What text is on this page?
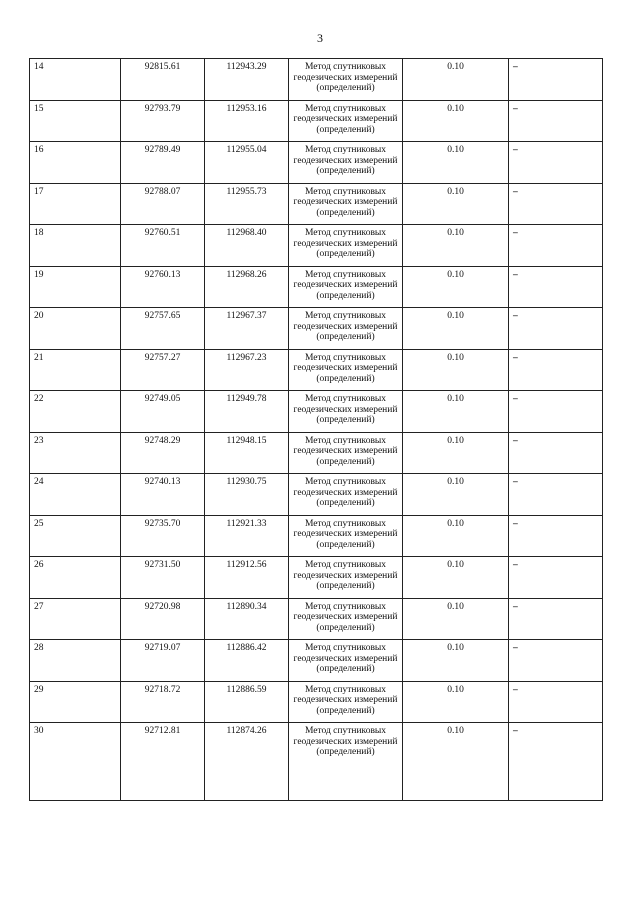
3
14	92815.61	112943.29	Метод спутниковых геодезических измерений (определений)	0.10	–
15	92793.79	112953.16	Метод спутниковых геодезических измерений (определений)	0.10	–
16	92789.49	112955.04	Метод спутниковых геодезических измерений (определений)	0.10	–
17	92788.07	112955.73	Метод спутниковых геодезических измерений (определений)	0.10	–
18	92760.51	112968.40	Метод спутниковых геодезических измерений (определений)	0.10	–
19	92760.13	112968.26	Метод спутниковых геодезических измерений (определений)	0.10	–
20	92757.65	112967.37	Метод спутниковых геодезических измерений (определений)	0.10	–
21	92757.27	112967.23	Метод спутниковых геодезических измерений (определений)	0.10	–
22	92749.05	112949.78	Метод спутниковых геодезических измерений (определений)	0.10	–
23	92748.29	112948.15	Метод спутниковых геодезических измерений (определений)	0.10	–
24	92740.13	112930.75	Метод спутниковых геодезических измерений (определений)	0.10	–
25	92735.70	112921.33	Метод спутниковых геодезических измерений (определений)	0.10	–
26	92731.50	112912.56	Метод спутниковых геодезических измерений (определений)	0.10	–
27	92720.98	112890.34	Метод спутниковых геодезических измерений (определений)	0.10	–
28	92719.07	112886.42	Метод спутниковых геодезических измерений (определений)	0.10	–
29	92718.72	112886.59	Метод спутниковых геодезических измерений (определений)	0.10	–
30	92712.81	112874.26	Метод спутниковых геодезических измерений (определений)	0.10	–
